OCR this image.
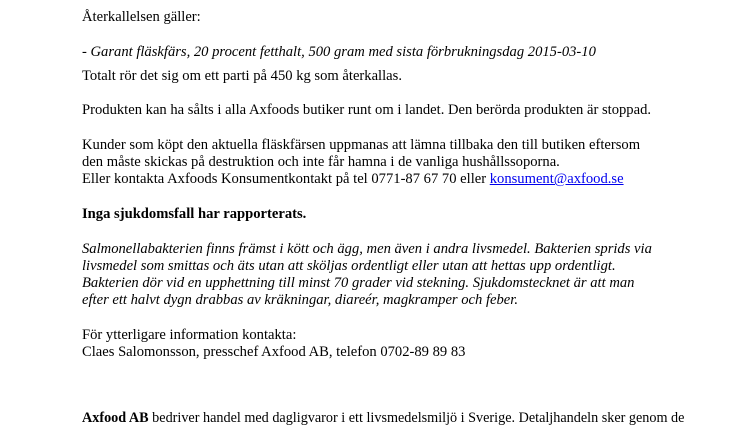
Återkallelsen gäller:
- Garant fläskfärs, 20 procent fetthalt, 500 gram med sista förbrukningsdag 2015-03-10
Totalt rör det sig om ett parti på 450 kg som återkallas.
Produkten kan ha sålts i alla Axfoods butiker runt om i landet. Den berörda produkten är stoppad.
Kunder som köpt den aktuella fläskfärsen uppmanas att lämna tillbaka den till butiken eftersom
den måste skickas på destruktion och inte får hamna i de vanliga hushållssoporna.
Eller kontakta Axfoods Konsumentkontakt på tel 0771-87 67 70 eller konsument@axfood.se
Inga sjukdomsfall har rapporterats.
Salmonellabakterien finns främst i kött och ägg, men även i andra livsmedel. Bakterien sprids via
livsmedel som smittas och äts utan att sköljas ordentligt eller utan att hettas upp ordentligt.
Bakterien dör vid en upphettning till minst 70 grader vid stekning. Sjukdomstecknet är att man
efter ett halvt dygn drabbas av kräkningar, diareér, magkramper och feber.
För ytterligare information kontakta:
Claes Salomonsson, presschef Axfood AB, telefon 0702-89 89 83
Axfood AB bedriver handel med dagligvaror i ett livsmedelsmiljö i Sverige. Detaljhandeln sker genom de
